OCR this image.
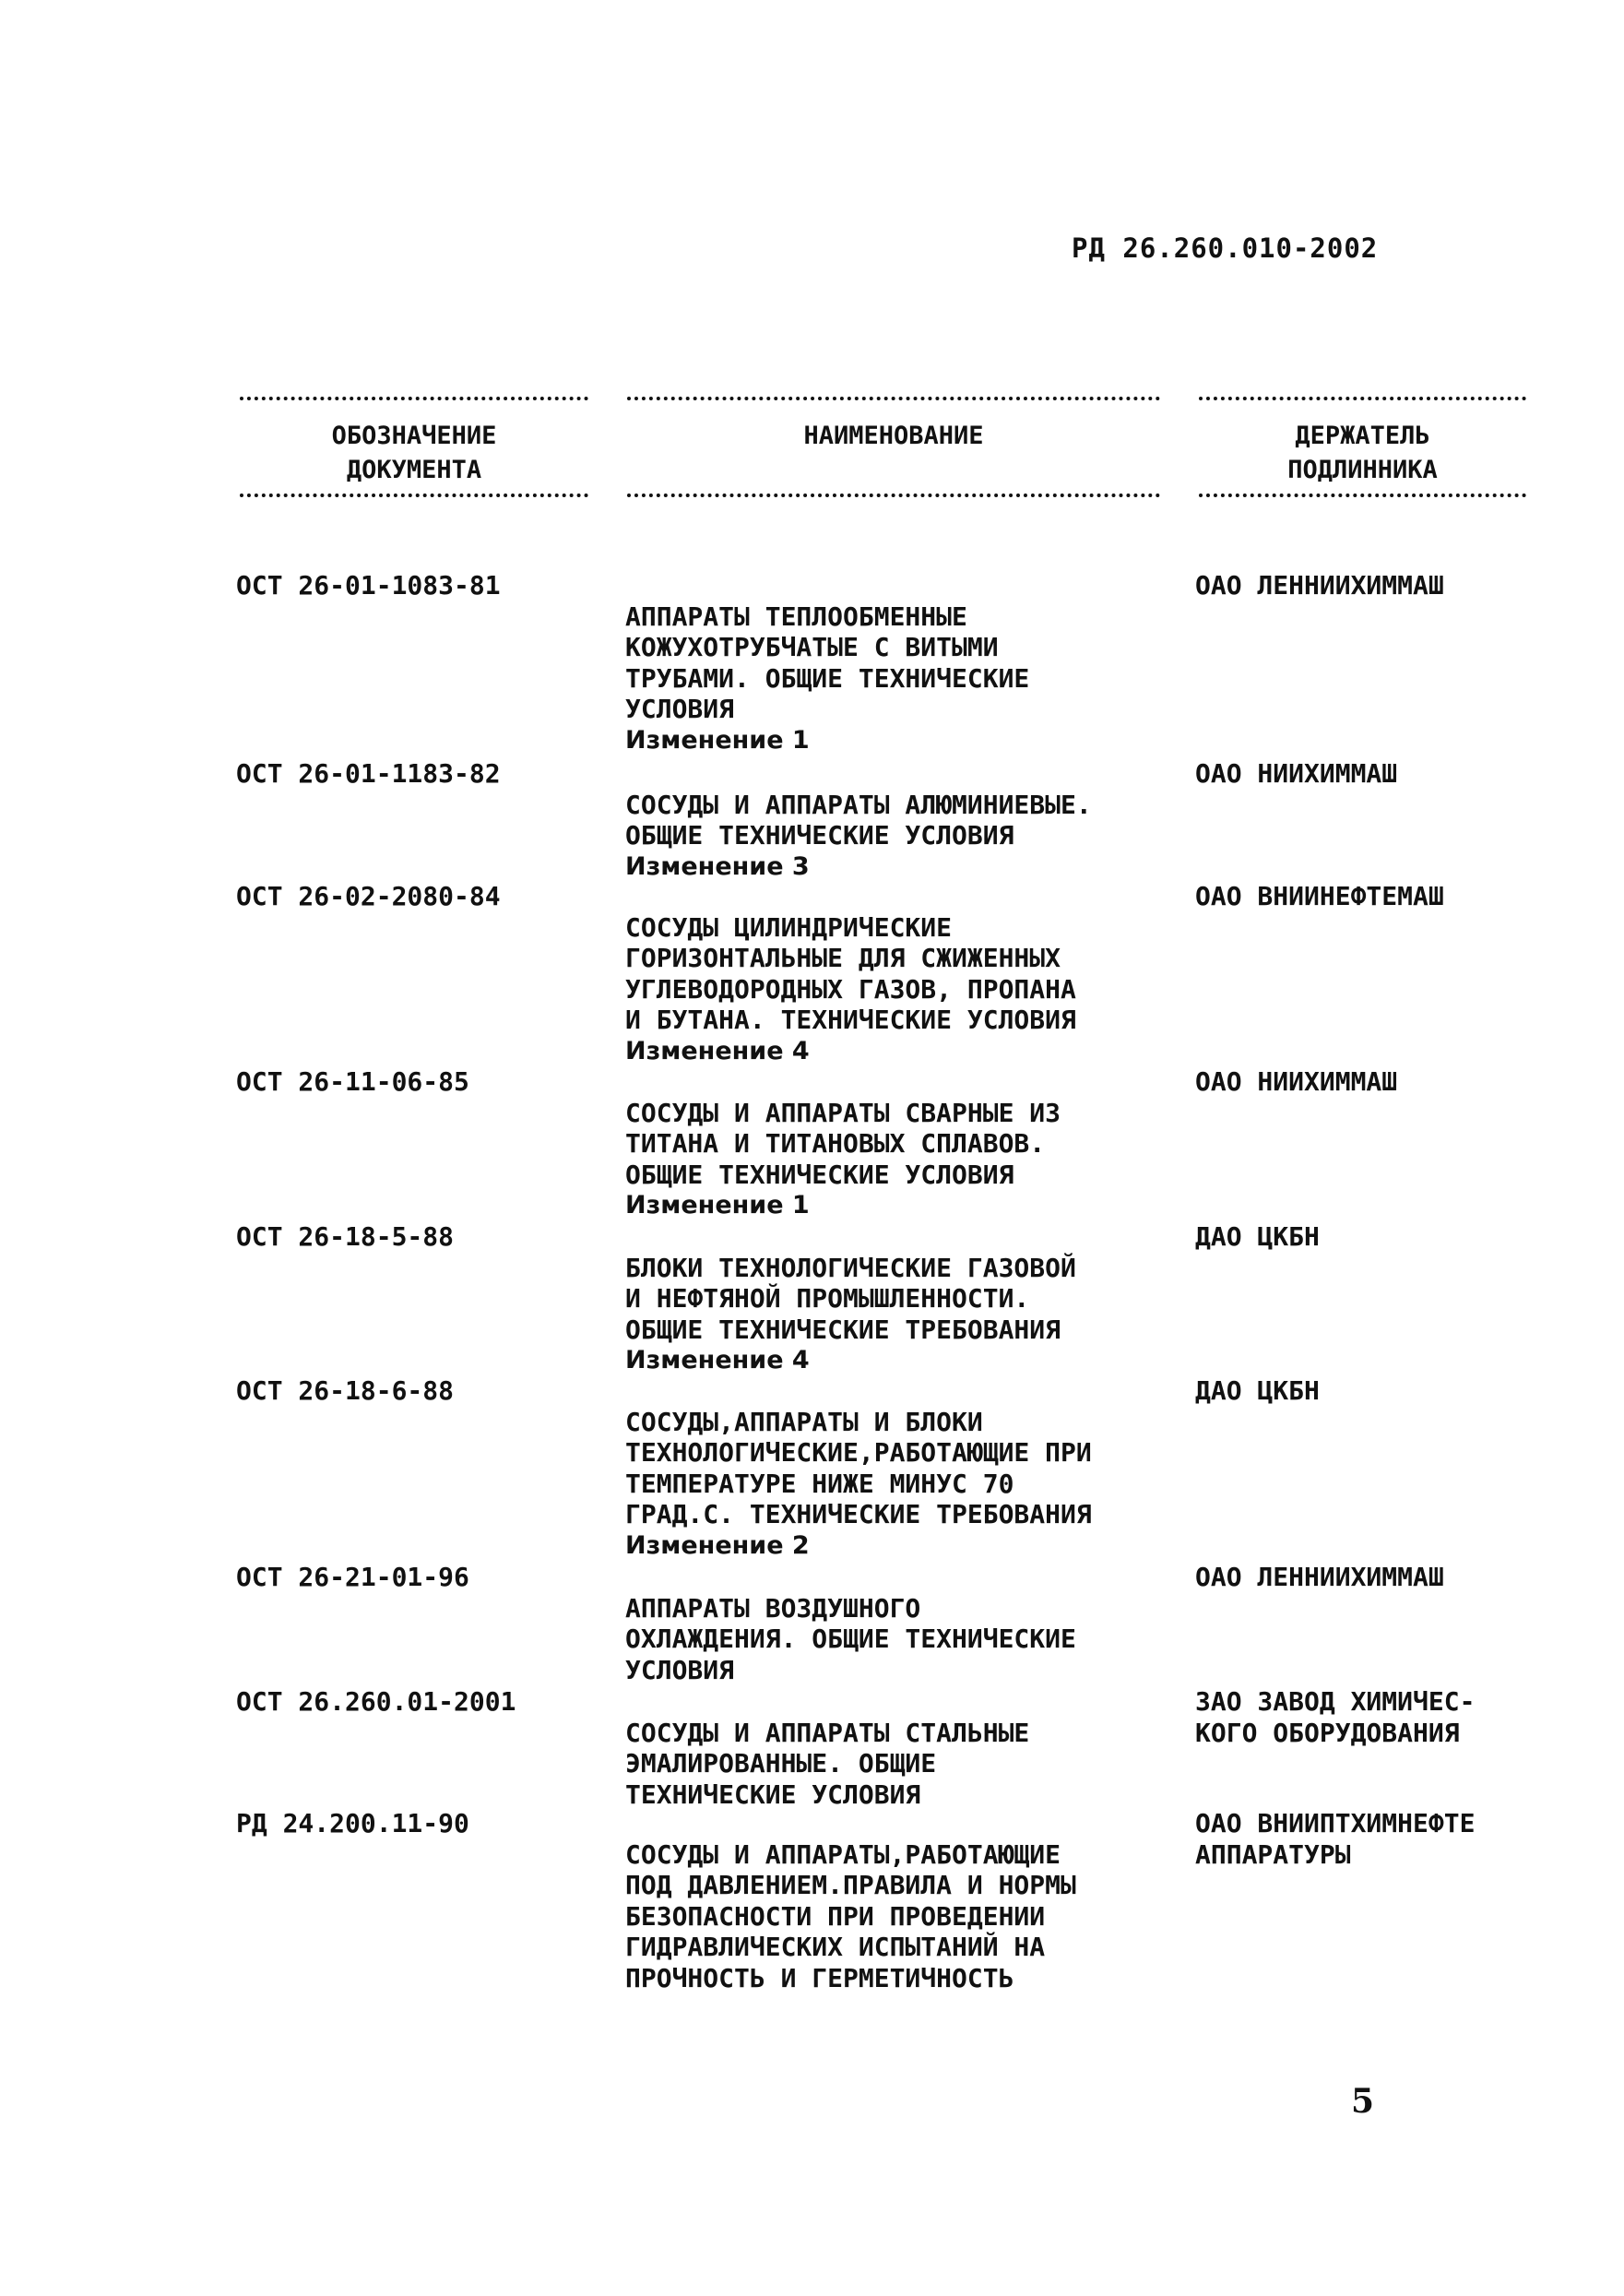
РД 26.260.010-2002
ОБОЗНАЧЕНИЕ
ДОКУМЕНТА
НАИМЕНОВАНИЕ	ДЕРЖАТЕЛЬ
ПОДЛИННИКА
ОСТ 26-01-1083-81

АППАРАТЫ ТЕПЛООБМЕННЫЕ
КОЖУХОТРУБЧАТЫЕ С ВИТЫМИ
ТРУБАМИ. ОБЩИЕ ТЕХНИЧЕСКИЕ
УСЛОВИЯ

Изменение 1

ОАО ЛЕННИИХИММАШ
ОСТ 26-01-1183-82

СОСУДЫ И АППАРАТЫ АЛЮМИНИЕВЫЕ.
ОБЩИЕ ТЕХНИЧЕСКИЕ УСЛОВИЯ

Изменение 3

ОАО НИИХИММАШ
ОСТ 26-02-2080-84

СОСУДЫ ЦИЛИНДРИЧЕСКИЕ
ГОРИЗОНТАЛЬНЫЕ ДЛЯ СЖИЖЕННЫХ
УГЛЕВОДОРОДНЫХ ГАЗОВ, ПРОПАНА
И БУТАНА. ТЕХНИЧЕСКИЕ УСЛОВИЯ

Изменение 4

ОАО ВНИИНЕФТЕМАШ
ОСТ 26-11-06-85

СОСУДЫ И АППАРАТЫ СВАРНЫЕ ИЗ
ТИТАНА И ТИТАНОВЫХ СПЛАВОВ.
ОБЩИЕ ТЕХНИЧЕСКИЕ УСЛОВИЯ

Изменение 1

ОАО НИИХИММАШ
ОСТ 26-18-5-88

БЛОКИ ТЕХНОЛОГИЧЕСКИЕ ГАЗОВОЙ
И НЕФТЯНОЙ ПРОМЫШЛЕННОСТИ.
ОБЩИЕ ТЕХНИЧЕСКИЕ ТРЕБОВАНИЯ

Изменение 4

ДАО ЦКБН
ОСТ 26-18-6-88

СОСУДЫ,АППАРАТЫ И БЛОКИ
ТЕХНОЛОГИЧЕСКИЕ,РАБОТАЮЩИЕ ПРИ
ТЕМПЕРАТУРЕ НИЖЕ МИНУС 70
ГРАД.С. ТЕХНИЧЕСКИЕ ТРЕБОВАНИЯ

Изменение 2

ДАО ЦКБН
ОСТ 26-21-01-96

АППАРАТЫ ВОЗДУШНОГО
ОХЛАЖДЕНИЯ. ОБЩИЕ ТЕХНИЧЕСКИЕ
УСЛОВИЯ

ОАО ЛЕННИИХИММАШ
ОСТ 26.260.01-2001

СОСУДЫ И АППАРАТЫ СТАЛЬНЫЕ
ЭМАЛИРОВАННЫЕ. ОБЩИЕ
ТЕХНИЧЕСКИЕ УСЛОВИЯ

ЗАО ЗАВОД ХИМИЧЕС-
КОГО ОБОРУДОВАНИЯ
РД 24.200.11-90

СОСУДЫ И АППАРАТЫ,РАБОТАЮЩИЕ
ПОД ДАВЛЕНИЕМ.ПРАВИЛА И НОРМЫ
БЕЗОПАСНОСТИ ПРИ ПРОВЕДЕНИИ
ГИДРАВЛИЧЕСКИХ ИСПЫТАНИЙ НА
ПРОЧНОСТЬ И ГЕРМЕТИЧНОСТЬ

ОАО ВНИИПТХИМНЕФТЕ
АППАРАТУРЫ
5
